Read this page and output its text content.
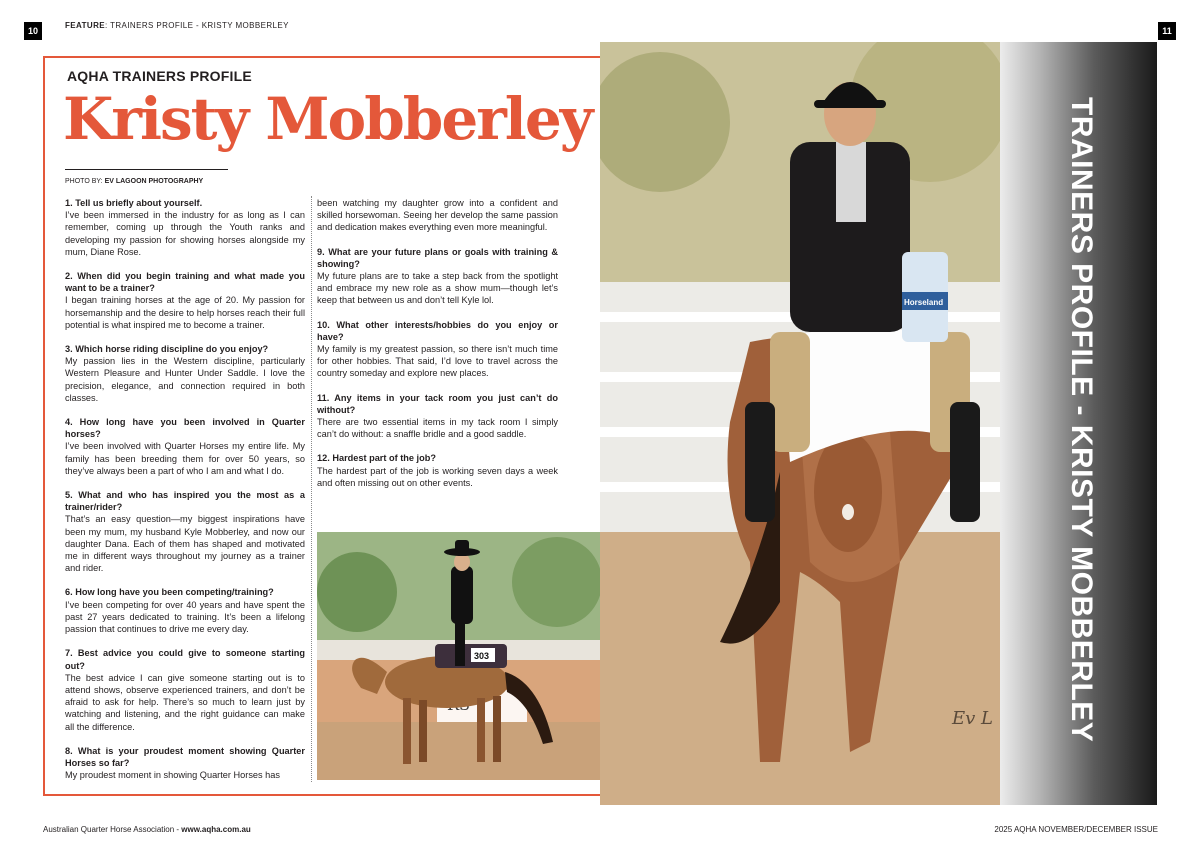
10	11
FEATURE: TRAINERS PROFILE - KRISTY MOBBERLEY
AQHA TRAINERS PROFILE
Kristy Mobberley
PHOTO BY: EV LAGOON PHOTOGRAPHY
1. Tell us briefly about yourself.
I’ve been immersed in the industry for as long as I can remember, coming up through the Youth ranks and developing my passion for showing horses alongside my mum, Diane Rose.
2. When did you begin training and what made you want to be a trainer?
I began training horses at the age of 20. My passion for horsemanship and the desire to help horses reach their full potential is what inspired me to become a trainer.
3. Which horse riding discipline do you enjoy?
My passion lies in the Western discipline, particularly Western Pleasure and Hunter Under Saddle. I love the precision, elegance, and connection required in both classes.
4. How long have you been involved in Quarter horses?
I’ve been involved with Quarter Horses my entire life. My family has been breeding them for over 50 years, so they’ve always been a part of who I am and what I do.
5. What and who has inspired you the most as a trainer/rider?
That’s an easy question—my biggest inspirations have been my mum, my husband Kyle Mobberley, and now our daughter Dana. Each of them has shaped and motivated me in different ways throughout my journey as a trainer and rider.
6. How long have you been competing/training?
I’ve been competing for over 40 years and have spent the past 27 years dedicated to training. It’s been a lifelong passion that continues to drive me every day.
7. Best advice you could give to someone starting out?
The best advice I can give someone starting out is to attend shows, observe experienced trainers, and don’t be afraid to ask for help. There’s so much to learn just by watching and listening, and the right guidance can make all the difference.
8. What is your proudest moment showing Quarter Horses so far?
My proudest moment in showing Quarter Horses has
been watching my daughter grow into a confident and skilled horsewoman. Seeing her develop the same passion and dedication makes everything even more meaningful.
9. What are your future plans or goals with training & showing?
My future plans are to take a step back from the spotlight and embrace my new role as a show mum—though let’s keep that between us and don’t tell Kyle lol.
10. What other interests/hobbies do you enjoy or have?
My family is my greatest passion, so there isn’t much time for other hobbies. That said, I’d love to travel across the country someday and explore new places.
11. Any items in your tack room you just can’t do without?
There are two essential items in my tack room I simply can’t do without: a snaffle bridle and a good saddle.
12. Hardest part of the job?
The hardest part of the job is working seven days a week and often missing out on other events.
303
Horseland
Ev L	TRAINERS PROFILE - KRISTY MOBBERLEY
Australian Quarter Horse Association - www.aqha.com.au	2025 AQHA NOVEMBER/DECEMBER ISSUE
